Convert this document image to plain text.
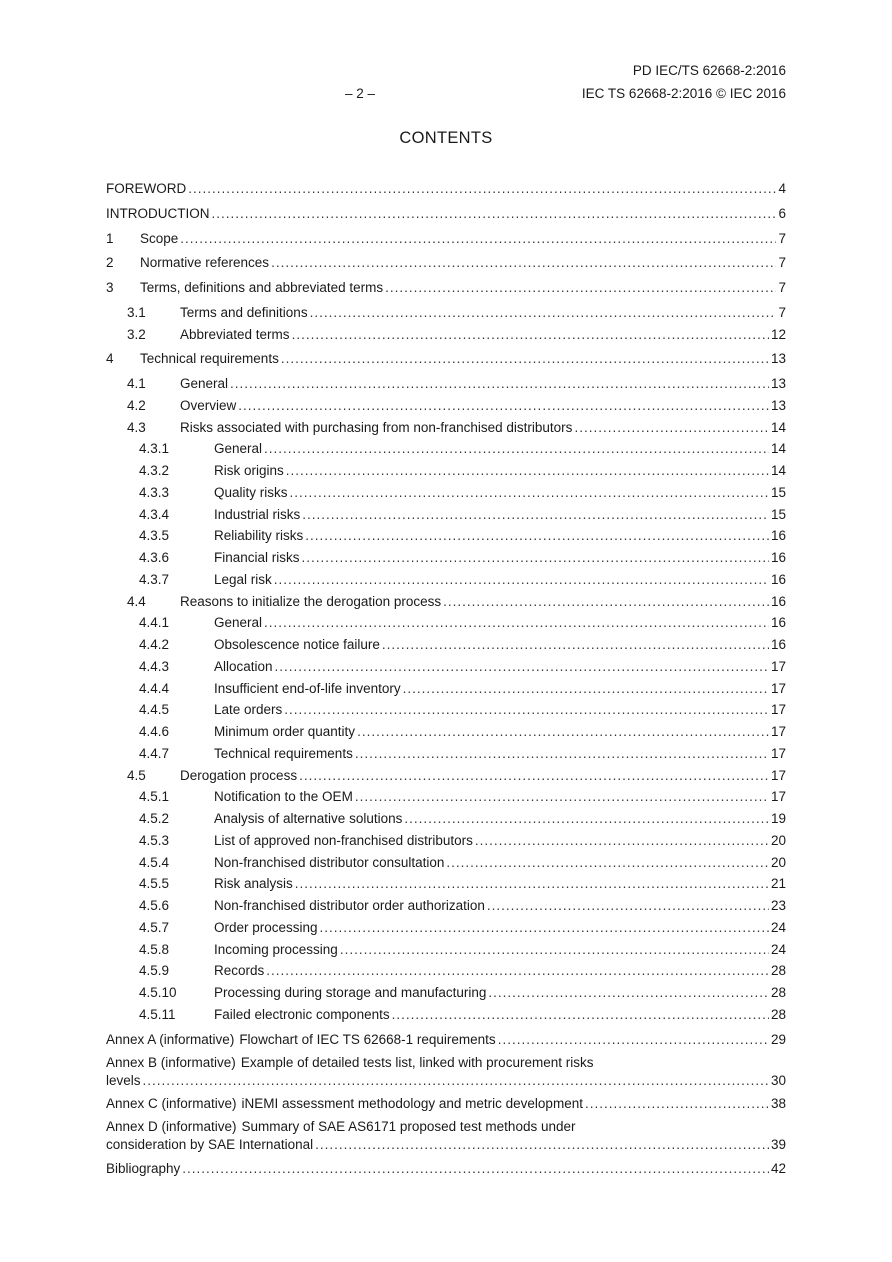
PD IEC/TS 62668-2:2016
– 2 –	IEC TS 62668-2:2016 © IEC 2016
CONTENTS
FOREWORD .....	4
INTRODUCTION .....	6
1	Scope .....	7
2	Normative references .....	7
3	Terms, definitions and abbreviated terms .....	7
3.1	Terms and definitions .....	7
3.2	Abbreviated terms .....	12
4	Technical requirements .....	13
4.1	General .....	13
4.2	Overview .....	13
4.3	Risks associated with purchasing from non-franchised distributors .....	14
4.3.1	General .....	14
4.3.2	Risk origins .....	14
4.3.3	Quality risks .....	15
4.3.4	Industrial risks .....	15
4.3.5	Reliability risks .....	16
4.3.6	Financial risks .....	16
4.3.7	Legal risk .....	16
4.4	Reasons to initialize the derogation process .....	16
4.4.1	General .....	16
4.4.2	Obsolescence notice failure .....	16
4.4.3	Allocation .....	17
4.4.4	Insufficient end-of-life inventory .....	17
4.4.5	Late orders .....	17
4.4.6	Minimum order quantity .....	17
4.4.7	Technical requirements .....	17
4.5	Derogation process .....	17
4.5.1	Notification to the OEM .....	17
4.5.2	Analysis of alternative solutions .....	19
4.5.3	List of approved non-franchised distributors .....	20
4.5.4	Non-franchised distributor consultation .....	20
4.5.5	Risk analysis .....	21
4.5.6	Non-franchised distributor order authorization .....	23
4.5.7	Order processing .....	24
4.5.8	Incoming processing .....	24
4.5.9	Records .....	28
4.5.10	Processing during storage and manufacturing .....	28
4.5.11	Failed electronic components .....	28
Annex A (informative) Flowchart of IEC TS 62668-1 requirements .....	29
Annex B (informative) Example of detailed tests list, linked with procurement risks
levels .....	30
Annex C (informative) iNEMI assessment methodology and metric development .....	38
Annex D (informative) Summary of SAE AS6171 proposed test methods under
consideration by SAE International .....	39
Bibliography .....	42
